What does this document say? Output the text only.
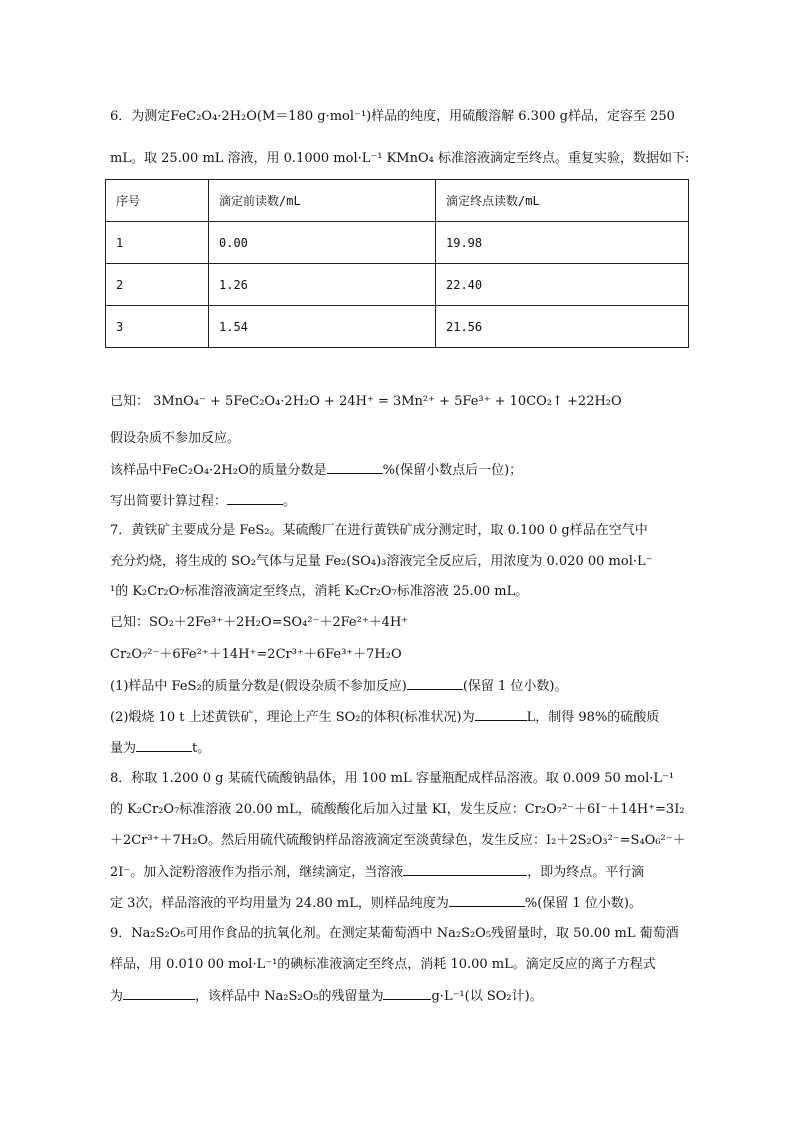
6．为测定FeC₂O₄·2H₂O(M＝180 g·mol⁻¹)样品的纯度，用硫酸溶解 6.300 g样品，定容至 250
mL。取 25.00 mL 溶液，用 0.1000 mol·L⁻¹ KMnO₄ 标准溶液滴定至终点。重复实验，数据如下:
序号	滴定前读数/mL	滴定终点读数/mL
1	0.00	19.98
2	1.26	22.40
3	1.54	21.56
已知： 3MnO₄⁻ + 5FeC₂O₄·2H₂O + 24H⁺ = 3Mn²⁺ + 5Fe³⁺ + 10CO₂↑ +22H₂O
假设杂质不参加反应。
该样品中FeC₂O₄·2H₂O的质量分数是	%(保留小数点后一位)；
写出简要计算过程：	。
7．黄铁矿主要成分是 FeS₂。某硫酸厂在进行黄铁矿成分测定时，取 0.100 0 g样品在空气中
充分灼烧，将生成的 SO₂气体与足量 Fe₂(SO₄)₃溶液完全反应后，用浓度为 0.020 00 mol·L⁻
¹的 K₂Cr₂O₇标准溶液滴定至终点，消耗 K₂Cr₂O₇标准溶液 25.00 mL。
已知：SO₂＋2Fe³⁺＋2H₂O=SO₄²⁻＋2Fe²⁺＋4H⁺
Cr₂O₇²⁻＋6Fe²⁺＋14H⁺=2Cr³⁺＋6Fe³⁺＋7H₂O
(1)样品中 FeS₂的质量分数是(假设杂质不参加反应)	(保留 1 位小数)。
(2)煅烧 10 t 上述黄铁矿，理论上产生 SO₂的体积(标准状况)为	L，制得 98%的硫酸质
量为	t。
8．称取 1.200 0 g 某硫代硫酸钠晶体，用 100 mL 容量瓶配成样品溶液。取 0.009 50 mol·L⁻¹
的 K₂Cr₂O₇标准溶液 20.00 mL，硫酸酸化后加入过量 KI，发生反应：Cr₂O₇²⁻＋6I⁻＋14H⁺=3I₂
＋2Cr³⁺＋7H₂O。然后用硫代硫酸钠样品溶液滴定至淡黄绿色，发生反应：I₂＋2S₂O₃²⁻=S₄O₆²⁻＋
2I⁻。加入淀粉溶液作为指示剂，继续滴定，当溶液	，即为终点。平行滴
定 3次，样品溶液的平均用量为 24.80 mL，则样品纯度为	%(保留 1 位小数)。
9．Na₂S₂O₅可用作食品的抗氧化剂。在测定某葡萄酒中 Na₂S₂O₅残留量时，取 50.00 mL 葡萄酒
样品，用 0.010 00 mol·L⁻¹的碘标准液滴定至终点，消耗 10.00 mL。滴定反应的离子方程式
为	，该样品中 Na₂S₂O₅的残留量为	g·L⁻¹(以 SO₂计)。
